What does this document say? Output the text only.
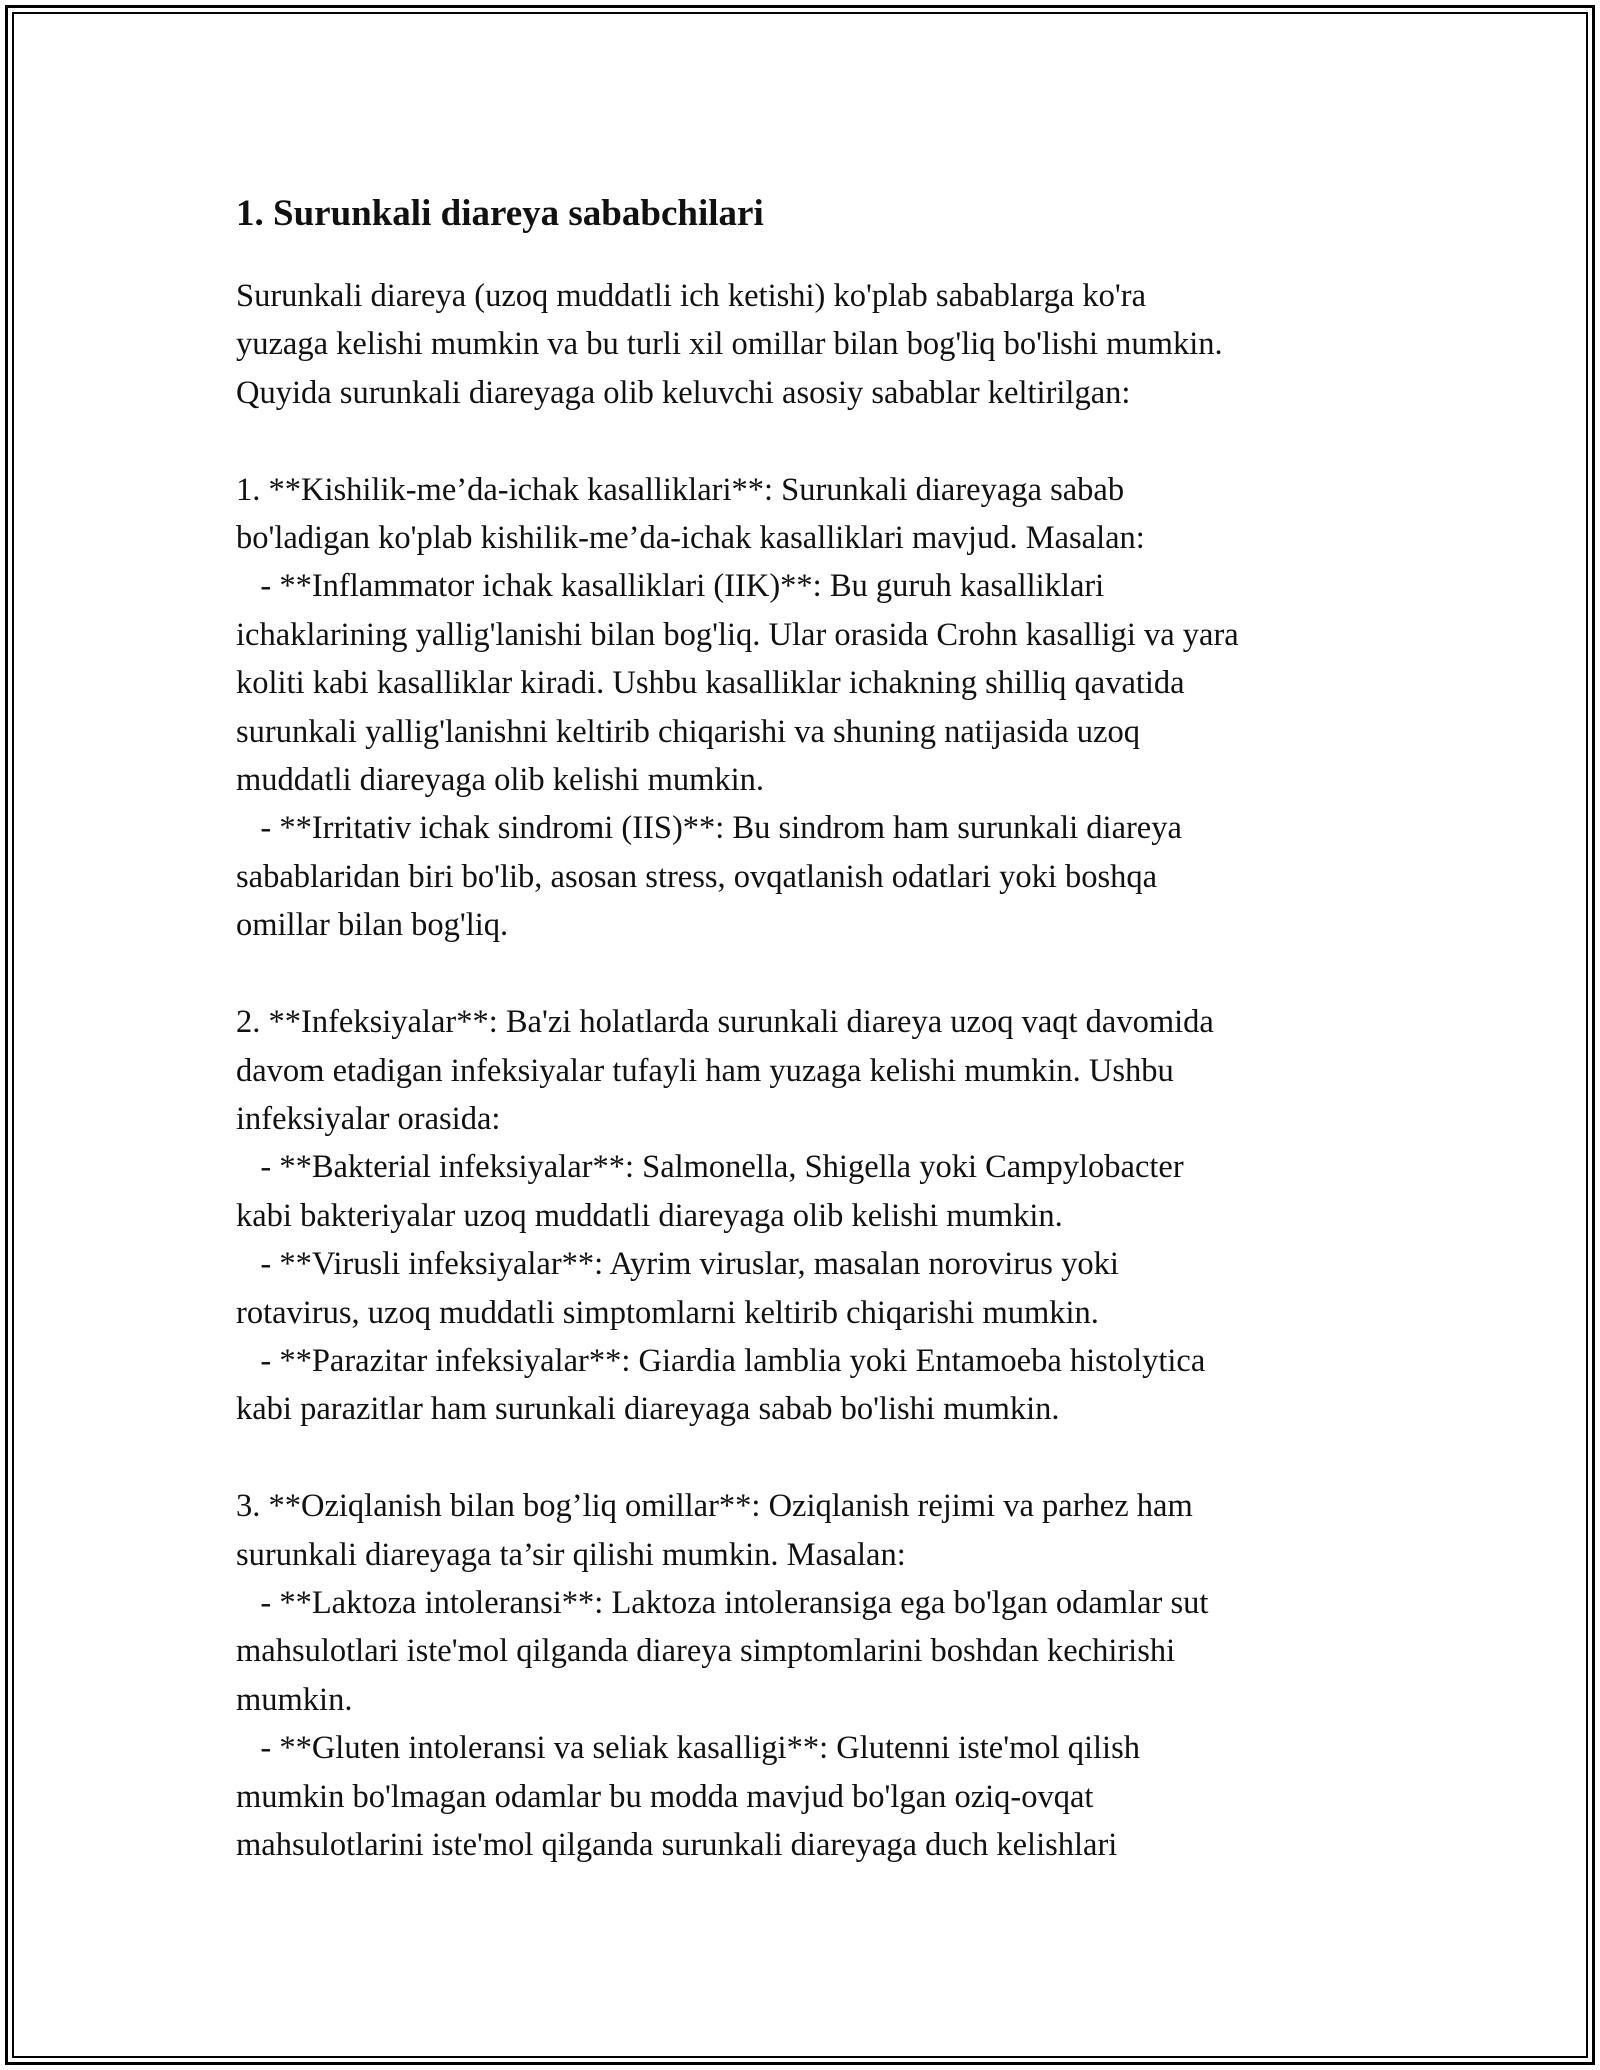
1. Surunkali diareya sababchilari
Surunkali diareya (uzoq muddatli ich ketishi) ko'plab sabablarga ko'ra
yuzaga kelishi mumkin va bu turli xil omillar bilan bog'liq bo'lishi mumkin.
Quyida surunkali diareyaga olib keluvchi asosiy sabablar keltirilgan:

1. **Kishilik-me’da-ichak kasalliklari**: Surunkali diareyaga sabab
bo'ladigan ko'plab kishilik-me’da-ichak kasalliklari mavjud. Masalan:
- **Inflammator ichak kasalliklari (IIK)**: Bu guruh kasalliklari
ichaklarining yallig'lanishi bilan bog'liq. Ular orasida Crohn kasalligi va yara
koliti kabi kasalliklar kiradi. Ushbu kasalliklar ichakning shilliq qavatida
surunkali yallig'lanishni keltirib chiqarishi va shuning natijasida uzoq
muddatli diareyaga olib kelishi mumkin.
- **Irritativ ichak sindromi (IIS)**: Bu sindrom ham surunkali diareya
sabablaridan biri bo'lib, asosan stress, ovqatlanish odatlari yoki boshqa
omillar bilan bog'liq.

2. **Infeksiyalar**: Ba'zi holatlarda surunkali diareya uzoq vaqt davomida
davom etadigan infeksiyalar tufayli ham yuzaga kelishi mumkin. Ushbu
infeksiyalar orasida:
- **Bakterial infeksiyalar**: Salmonella, Shigella yoki Campylobacter
kabi bakteriyalar uzoq muddatli diareyaga olib kelishi mumkin.
- **Virusli infeksiyalar**: Ayrim viruslar, masalan norovirus yoki
rotavirus, uzoq muddatli simptomlarni keltirib chiqarishi mumkin.
- **Parazitar infeksiyalar**: Giardia lamblia yoki Entamoeba histolytica
kabi parazitlar ham surunkali diareyaga sabab bo'lishi mumkin.

3. **Oziqlanish bilan bog’liq omillar**: Oziqlanish rejimi va parhez ham
surunkali diareyaga ta’sir qilishi mumkin. Masalan:
- **Laktoza intoleransi**: Laktoza intoleransiga ega bo'lgan odamlar sut
mahsulotlari iste'mol qilganda diareya simptomlarini boshdan kechirishi
mumkin.
- **Gluten intoleransi va seliak kasalligi**: Glutenni iste'mol qilish
mumkin bo'lmagan odamlar bu modda mavjud bo'lgan oziq-ovqat
mahsulotlarini iste'mol qilganda surunkali diareyaga duch kelishlari
